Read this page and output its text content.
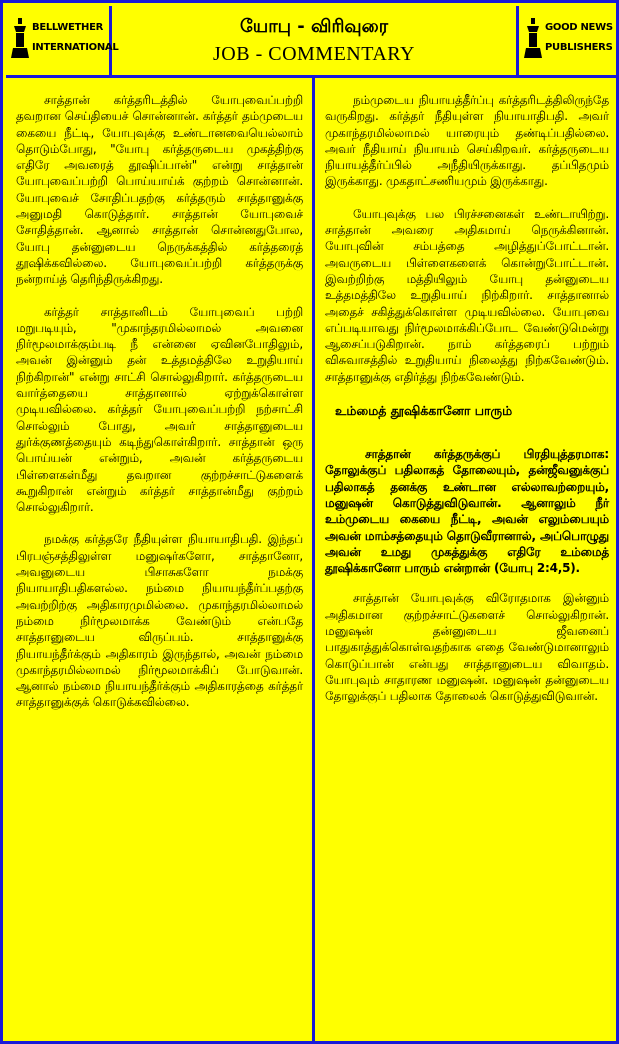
BELLWETHER
INTERNATIONAL
யோபு - விரிவுரை
JOB - COMMENTARY
GOOD NEWS
PUBLISHERS

சாத்தான் கர்த்தரிடத்தில் யோபுவைப்பற்றி தவறான செய்தியைச் சொன்னான். கர்த்தர் தம்முடைய கையை நீட்டி, யோபுவுக்கு உண்டானவையெல்லாம் தொடும்போது, "யோபு கர்த்தருடைய முகத்திற்கு எதிரே அவரைத் தூஷிப்பான்" என்று சாத்தான் யோபுவைப்பற்றி பொய்யாய்க் குற்றம் சொன்னான். யோபுவைச் சோதிப்பதற்கு கர்த்தரும் சாத்தானுக்கு அனுமதி கொடுத்தார். சாத்தான் யோபுவைச் சோதித்தான். ஆனால் சாத்தான் சொன்னதுபோல, யோபு தன்னுடைய நெருக்கத்தில் கர்த்தரைத் தூஷிக்கவில்லை. யோபுவைப்பற்றி கர்த்தருக்கு நன்றாய்த் தெரிந்திருக்கிறது.

கர்த்தர் சாத்தானிடம் யோபுவைப் பற்றி மறுபடியும், "முகாந்தரமில்லாமல் அவனை நிர்மூலமாக்கும்படி நீ என்னை ஏவினபோதிலும், அவன் இன்னும் தன் உத்தமத்திலே உறுதியாய் நிற்கிறான்" என்று சாட்சி சொல்லுகிறார். கர்த்தருடைய வார்த்தையை சாத்தானால் ஏற்றுக்கொள்ள முடியவில்லை. கர்த்தர் யோபுவைப்பற்றி நற்சாட்சி சொல்லும் போது, அவர் சாத்தானுடைய துர்க்குணத்தையும் கடிந்துகொள்கிறார். சாத்தான் ஒரு பொய்யன் என்றும், அவன் கர்த்தருடைய பிள்ளைகள்மீது தவறான குற்றச்சாட்டுகளைக் கூறுகிறான் என்றும் கர்த்தர் சாத்தான்மீது குற்றம் சொல்லுகிறார்.

நமக்கு கர்த்தரே நீதியுள்ள நியாயாதிபதி. இந்தப் பிரபஞ்சத்திலுள்ள மனுஷர்களோ, சாத்தானோ, அவனுடைய பிசாசுகளோ நமக்கு நியாயாதிபதிகளல்ல. நம்மை நியாயந்தீர்ப்பதற்கு அவற்றிற்கு அதிகாரமுமில்லை. முகாந்தரமில்லாமல் நம்மை நிர்மூலமாக்க வேண்டும் என்பதே சாத்தானுடைய விருப்பம். சாத்தானுக்கு நியாயந்தீர்க்கும் அதிகாரம் இருந்தால், அவன் நம்மை முகாந்தரமில்லாமல் நிர்மூலமாக்கிப் போடுவான். ஆனால் நம்மை நியாயந்தீர்க்கும் அதிகாரத்தை கர்த்தர் சாத்தானுக்குக் கொடுக்கவில்லை.

நம்முடைய நியாயத்தீர்ப்பு கர்த்தரிடத்திலிருந்தே வருகிறது. கர்த்தர் நீதியுள்ள நியாயாதிபதி. அவர் முகாந்தரமில்லாமல் யாரையும் தண்டிப்பதில்லை. அவர் நீதியாய் நியாயம் செய்கிறவர். கர்த்தருடைய நியாயத்தீர்ப்பில் அநீதியிருக்காது. தப்பிதமும் இருக்காது. முகதாட்சணியமும் இருக்காது.

யோபுவுக்கு பல பிரச்சனைகள் உண்டாயிற்று. சாத்தான் அவரை அதிகமாய் நெருக்கினான். யோபுவின் சம்பத்தை அழித்துப்போட்டான். அவருடைய பிள்ளைகளைக் கொன்றுபோட்டான். இவற்றிற்கு மத்தியிலும் யோபு தன்னுடைய உத்தமத்திலே உறுதியாய் நிற்கிறார். சாத்தானால் அதைச் சகித்துக்கொள்ள முடியவில்லை. யோபுவை எப்படியாவது நிர்மூலமாக்கிப்போட வேண்டுமென்று ஆசைப்படுகிறான். நாம் கர்த்தரைப் பற்றும் விசுவாசத்தில் உறுதியாய் நிலைத்து நிற்கவேண்டும். சாத்தானுக்கு எதிர்த்து நிற்கவேண்டும்.

உம்மைத் தூஷிக்கானோ பாரும்

சாத்தான் கர்த்தருக்குப் பிரதியுத்தரமாக: தோலுக்குப் பதிலாகத் தோலையும், தன்ஜீவனுக்குப் பதிலாகத் தனக்கு உண்டான எல்லாவற்றையும், மனுஷன் கொடுத்துவிடுவான். ஆனாலும் நீர் உம்முடைய கையை நீட்டி, அவன் எலும்பையும் அவன் மாம்சத்தையும் தொடுவீரானால், அப்பொழுது அவன் உமது முகத்துக்கு எதிரே உம்மைத் தூஷிக்கானோ பாரும் என்றான் (யோபு 2:4,5).

சாத்தான் யோபுவுக்கு விரோதமாக இன்னும் அதிகமான குற்றச்சாட்டுகளைச் சொல்லுகிறான். மனுஷன் தன்னுடைய ஜீவனைப் பாதுகாத்துக்கொள்வதற்காக எதை வேண்டுமானாலும் கொடுப்பான் என்பது சாத்தானுடைய விவாதம். யோபுவும் சாதாரண மனுஷன். மனுஷன் தன்னுடைய தோலுக்குப் பதிலாக தோலைக் கொடுத்துவிடுவான்.
